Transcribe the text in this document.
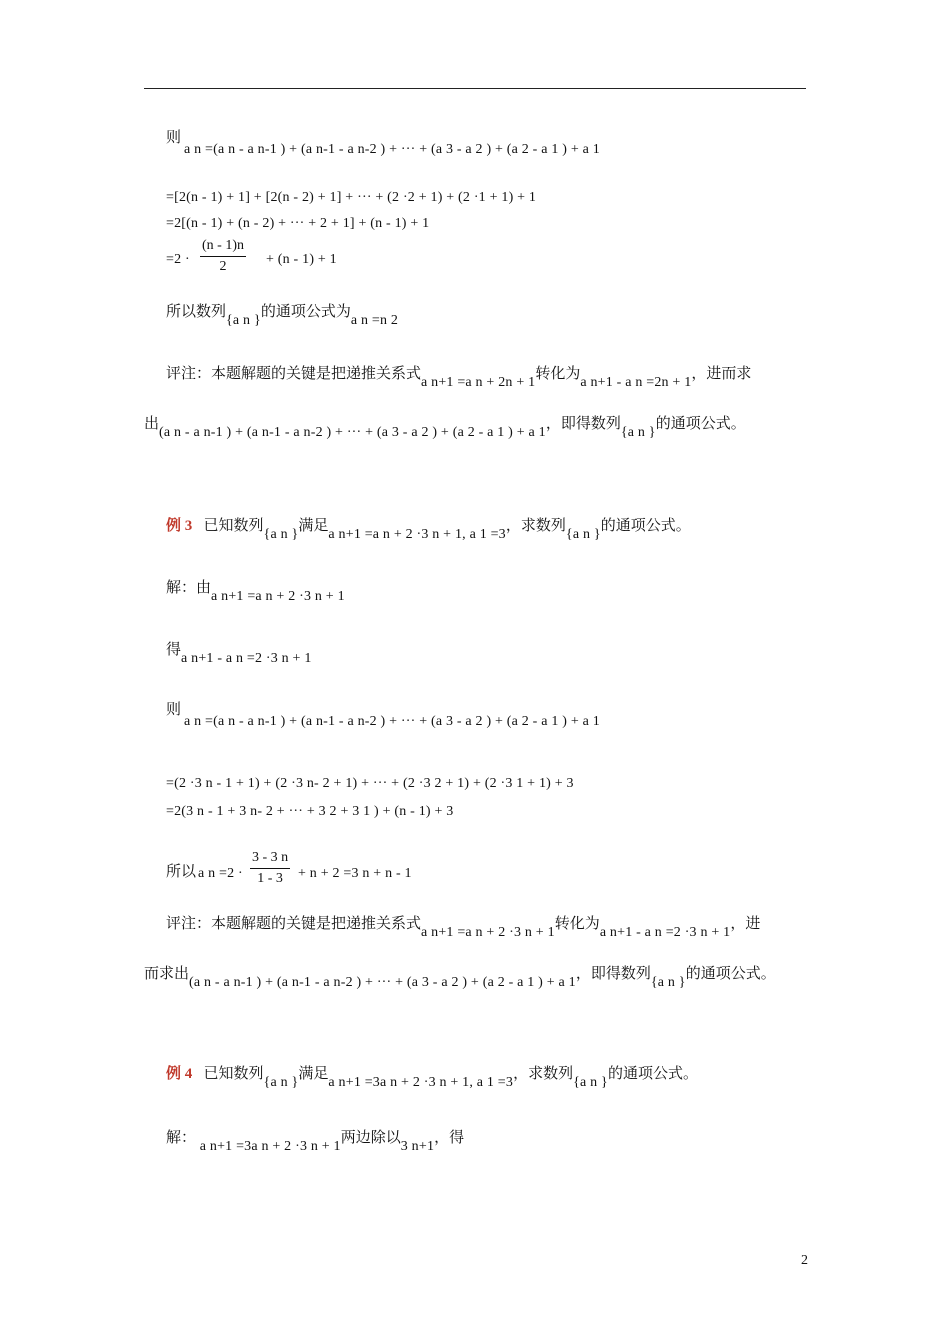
则
a n =(a n - a n-1 ) + (a n-1 - a n-2 ) + ··· + (a 3 - a 2 ) + (a 2 - a 1 ) + a 1
=[2(n - 1) + 1] + [2(n - 2) + 1] + ··· + (2 ·2 + 1) + (2 ·1 + 1) + 1
=2[(n - 1) + (n - 2) + ··· + 2 + 1] + (n - 1) + 1
=2 ·
(n - 1)n
2	+ (n - 1) + 1
所以数列{a n }的通项公式为a n =n 2
评注：本题解题的关键是把递推关系式a n+1 =a n + 2n + 1转化为a n+1 - a n =2n + 1，进而求
出(a n - a n-1 ) + (a n-1 - a n-2 ) + ··· + (a 3 - a 2 ) + (a 2 - a 1 ) + a 1，即得数列{a n }的通项公式。
例 3 已知数列{a n }满足a n+1 =a n + 2 ·3 n + 1, a 1 =3，求数列{a n }的通项公式。
解：由a n+1 =a n + 2 ·3 n + 1
得a n+1 - a n =2 ·3 n + 1
则
a n =(a n - a n-1 ) + (a n-1 - a n-2 ) + ··· + (a 3 - a 2 ) + (a 2 - a 1 ) + a 1
=(2 ·3 n - 1 + 1) + (2 ·3 n- 2 + 1) + ··· + (2 ·3 2 + 1) + (2 ·3 1 + 1) + 3
=2(3 n - 1 + 3 n- 2 + ··· + 3 2 + 3 1 ) + (n - 1) + 3
所以 a n =2 ·
3 - 3 n
1 - 3	+ n + 2 =3 n + n - 1
评注：本题解题的关键是把递推关系式a n+1 =a n + 2 ·3 n + 1转化为a n+1 - a n =2 ·3 n + 1，进
而求出(a n - a n-1 ) + (a n-1 - a n-2 ) + ··· + (a 3 - a 2 ) + (a 2 - a 1 ) + a 1，即得数列{a n }的通项公式。
例 4 已知数列{a n }满足a n+1 =3a n + 2 ·3 n + 1, a 1 =3，求数列{a n }的通项公式。
解： a n+1 =3a n + 2 ·3 n + 1两边除以3 n+1，得
2
